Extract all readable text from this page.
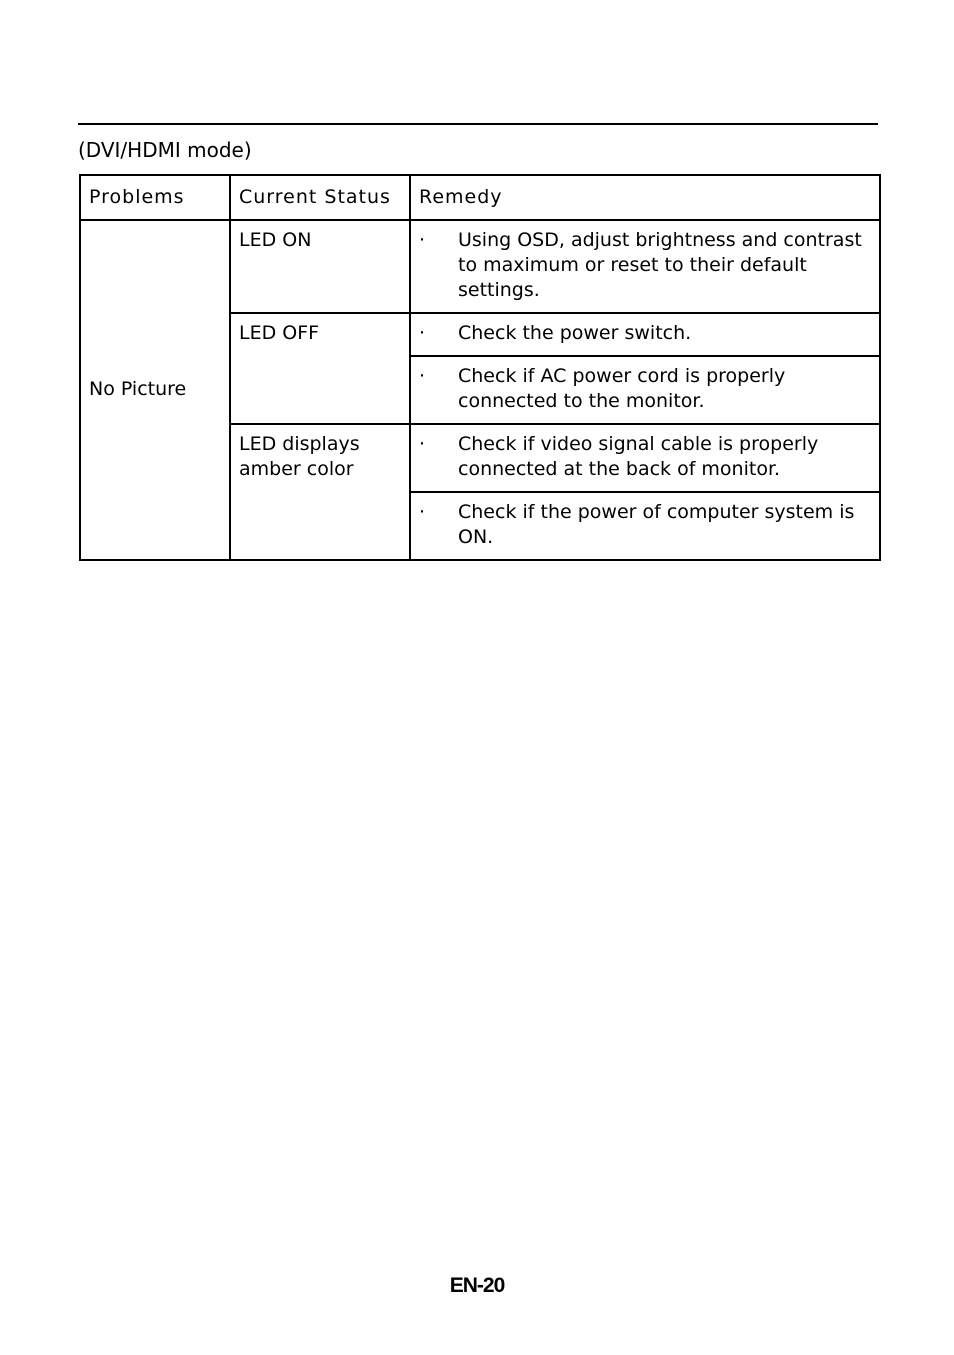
(DVI/HDMI mode)
Problems	Current Status	Remedy
No Picture	LED ON	· Using OSD, adjust brightness and contrast to maximum or reset to their default settings.

	LED OFF	· Check the power switch.

		· Check if AC power cord is properly connected to the monitor.

	LED displays amber color	· Check if video signal cable is properly connected at the back of monitor.

		· Check if the power of computer system is ON.
EN-20
